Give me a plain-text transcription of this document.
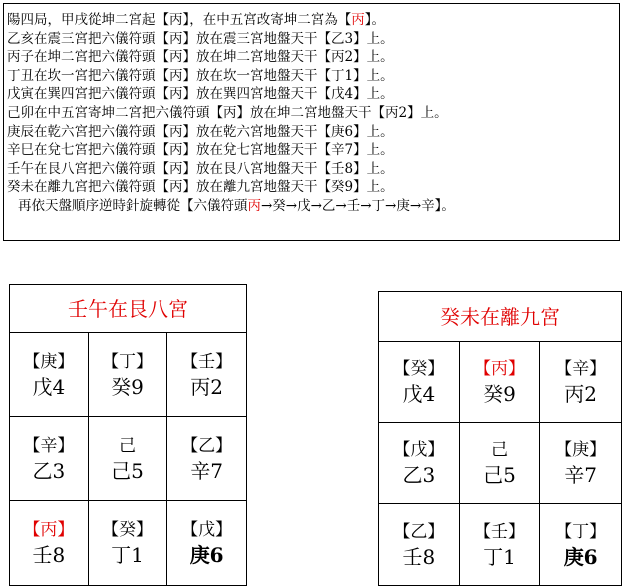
陽四局，甲戌從坤二宮起【丙】，在中五宮改寄坤二宮為【丙】。
乙亥在震三宮把六儀符頭【丙】放在震三宮地盤天干【乙3】上。
丙子在坤二宮把六儀符頭【丙】放在坤二宮地盤天干【丙2】上。
丁丑在坎一宮把六儀符頭【丙】放在坎一宮地盤天干【丁1】上。
戊寅在巽四宮把六儀符頭【丙】放在巽四宮地盤天干【戊4】上。
己卯在中五宮寄坤二宮把六儀符頭【丙】放在坤二宮地盤天干【丙2】上。
庚辰在乾六宮把六儀符頭【丙】放在乾六宮地盤天干【庚6】上。
辛巳在兌七宮把六儀符頭【丙】放在兌七宮地盤天干【辛7】上。
壬午在艮八宮把六儀符頭【丙】放在艮八宮地盤天干【壬8】上。
癸未在離九宮把六儀符頭【丙】放在離九宮地盤天干【癸9】上。
再依天盤順序逆時針旋轉從【六儀符頭丙→癸→戊→乙→壬→丁→庚→辛】。
壬午在艮八宮
【庚】
戊4
【丁】
癸9
【壬】
丙2
【辛】
乙3
己
己5
【乙】
辛7
【丙】
壬8
【癸】
丁1
【戊】
庚6
癸未在離九宮
【癸】
戊4
【丙】
癸9
【辛】
丙2
【戊】
乙3
己
己5
【庚】
辛7
【乙】
壬8
【壬】
丁1
【丁】
庚6
